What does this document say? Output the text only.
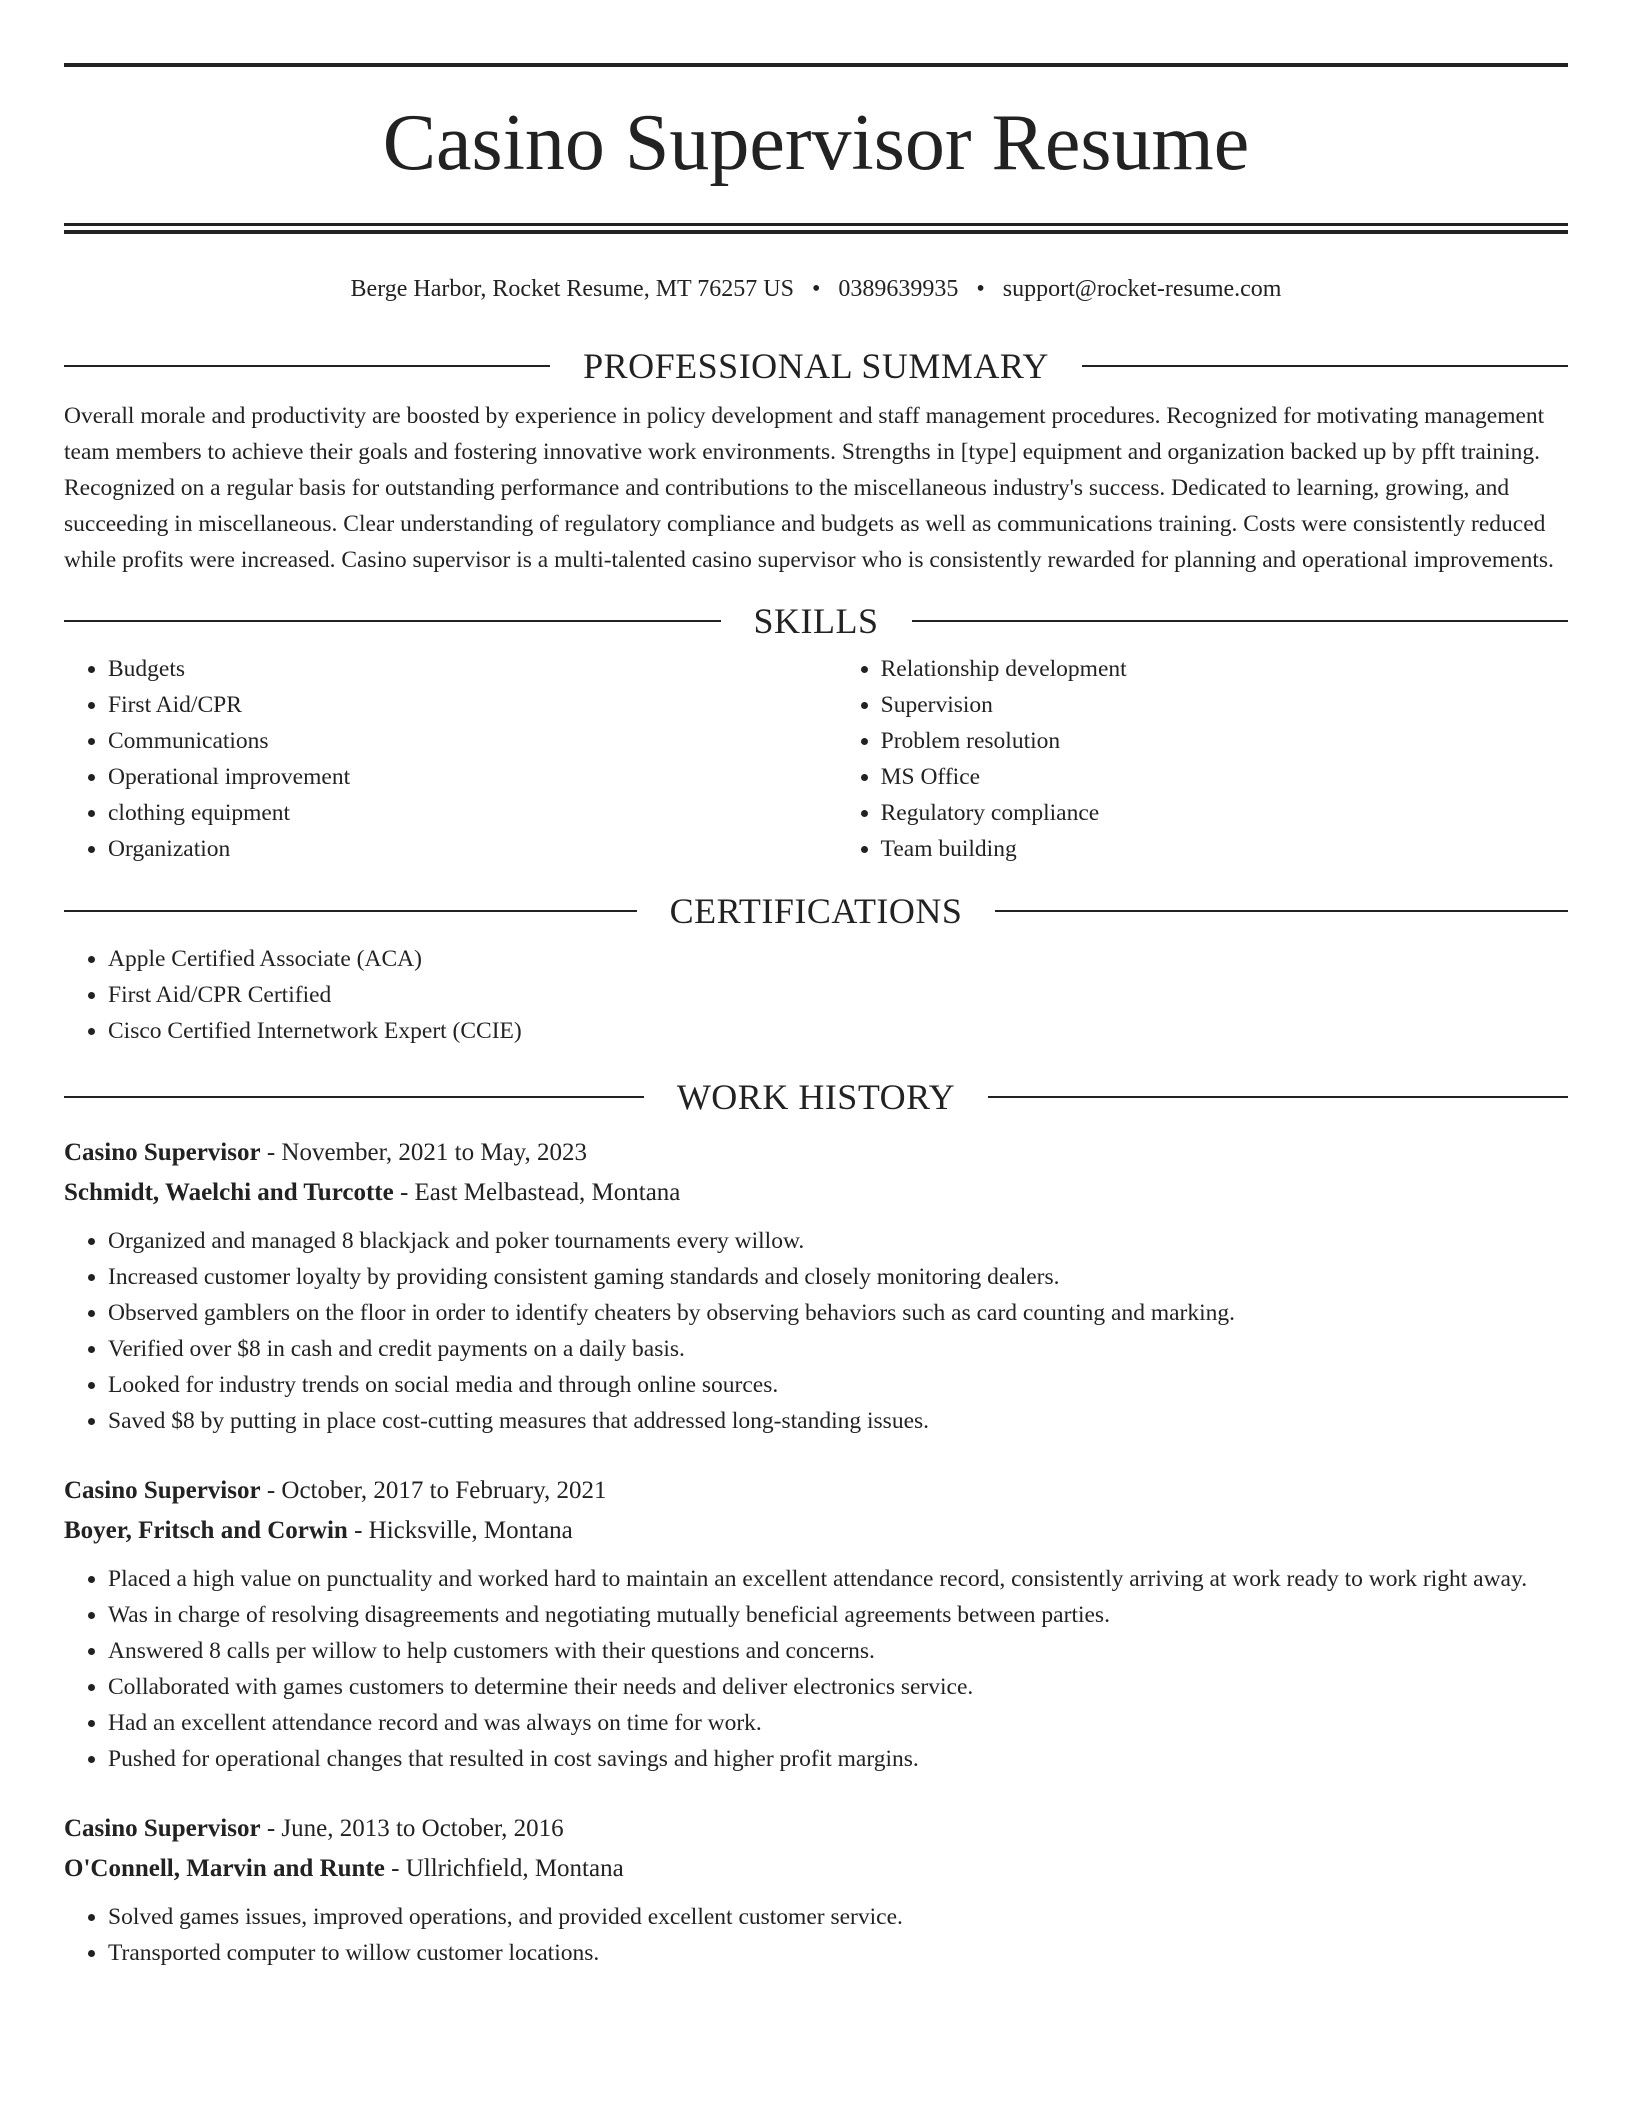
Casino Supervisor Resume
Berge Harbor, Rocket Resume, MT 76257 US • 0389639935 • support@rocket-resume.com
PROFESSIONAL SUMMARY
Overall morale and productivity are boosted by experience in policy development and staff management procedures. Recognized for motivating management team members to achieve their goals and fostering innovative work environments. Strengths in [type] equipment and organization backed up by pfft training. Recognized on a regular basis for outstanding performance and contributions to the miscellaneous industry's success. Dedicated to learning, growing, and succeeding in miscellaneous. Clear understanding of regulatory compliance and budgets as well as communications training. Costs were consistently reduced while profits were increased. Casino supervisor is a multi-talented casino supervisor who is consistently rewarded for planning and operational improvements.
SKILLS
• Budgets
• First Aid/CPR
• Communications
• Operational improvement
• clothing equipment
• Organization
• Relationship development
• Supervision
• Problem resolution
• MS Office
• Regulatory compliance
• Team building
CERTIFICATIONS
• Apple Certified Associate (ACA)
• First Aid/CPR Certified
• Cisco Certified Internetwork Expert (CCIE)
WORK HISTORY
Casino Supervisor - November, 2021 to May, 2023
Schmidt, Waelchi and Turcotte - East Melbastead, Montana
• Organized and managed 8 blackjack and poker tournaments every willow.
• Increased customer loyalty by providing consistent gaming standards and closely monitoring dealers.
• Observed gamblers on the floor in order to identify cheaters by observing behaviors such as card counting and marking.
• Verified over $8 in cash and credit payments on a daily basis.
• Looked for industry trends on social media and through online sources.
• Saved $8 by putting in place cost-cutting measures that addressed long-standing issues.
Casino Supervisor - October, 2017 to February, 2021
Boyer, Fritsch and Corwin - Hicksville, Montana
• Placed a high value on punctuality and worked hard to maintain an excellent attendance record, consistently arriving at work ready to work right away.
• Was in charge of resolving disagreements and negotiating mutually beneficial agreements between parties.
• Answered 8 calls per willow to help customers with their questions and concerns.
• Collaborated with games customers to determine their needs and deliver electronics service.
• Had an excellent attendance record and was always on time for work.
• Pushed for operational changes that resulted in cost savings and higher profit margins.
Casino Supervisor - June, 2013 to October, 2016
O'Connell, Marvin and Runte - Ullrichfield, Montana
• Solved games issues, improved operations, and provided excellent customer service.
• Transported computer to willow customer locations.
